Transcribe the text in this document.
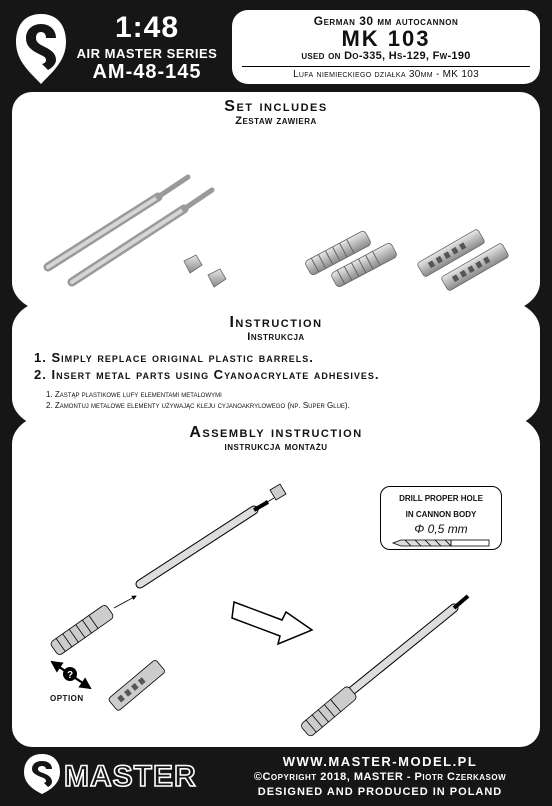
1:48
AIR MASTER SERIES
AM-48-145
German 30 mm autocannon
MK 103
used on Do-335, Hs-129, Fw-190
Lufa niemieckiego działka 30mm - MK 103
Set includes
Zestaw zawiera
Instruction
Instrukcja
1. Simply replace original plastic barrels.
2. Insert metal parts using Cyanoacrylate adhesives.
1. Zastąp plastikowe lufy elementami metalowymi
2. Zamontuj metalowe elementy używając kleju cyjanoakrylowego (np. Super Glue).
Assembly instruction
instrukcja montażu
DRILL PROPER HOLE
IN CANNON BODY
Φ 0,5 mm
?
OPTION
MASTER	WWW.MASTER-MODEL.PL
©Copyright 2018, MASTER - Piotr Czerkasow
DESIGNED AND PRODUCED IN POLAND
